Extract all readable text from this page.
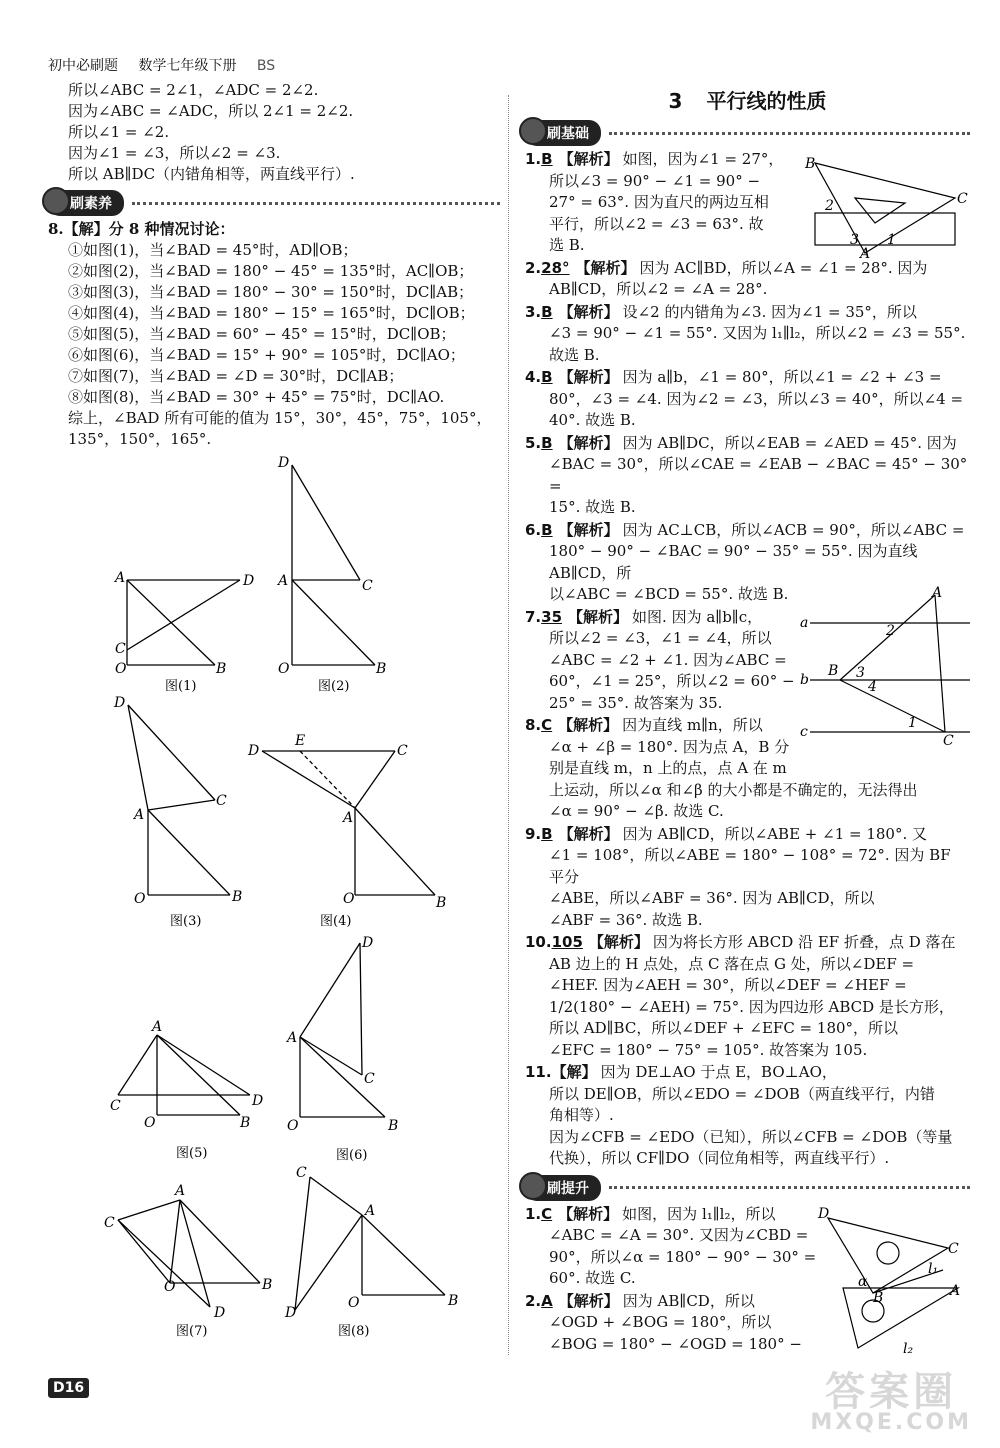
初中必刷题 数学七年级下册 BS
所以∠ABC = 2∠1，∠ADC = 2∠2.
因为∠ABC = ∠ADC，所以 2∠1 = 2∠2.
所以∠1 = ∠2.
因为∠1 = ∠3，所以∠2 = ∠3.
所以 AB∥DC（内错角相等，两直线平行）.
刷素养
8.【解】分 8 种情况讨论：
①如图(1)，当∠BAD = 45°时，AD∥OB；
②如图(2)，当∠BAD = 180° − 45° = 135°时，AC∥OB；
③如图(3)，当∠BAD = 180° − 30° = 150°时，DC∥AB；
④如图(4)，当∠BAD = 180° − 15° = 165°时，DC∥OB；
⑤如图(5)，当∠BAD = 60° − 45° = 15°时，DC∥OB；
⑥如图(6)，当∠BAD = 15° + 90° = 105°时，DC∥AO；
⑦如图(7)，当∠BAD = ∠D = 30°时，DC∥AB；
⑧如图(8)，当∠BAD = 30° + 45° = 75°时，DC∥AO.
综上，∠BAD 所有可能的值为 15°，30°，45°，75°，105°，
135°，150°，165°.
A	D
C
O	B
图(1)
D
A	C
O	B
图(2)
D
C
A
O	B
图(3)
D
E
C
A
O	B
图(4)
A
C	D
O	B
图(5)
D
A
C
O	B
图(6)
A
C
O	B
D
图(7)
C
A
D
O	B
图(8)
3 平行线的性质
刷基础
1.B 【解析】 如图，因为∠1 = 27°，
所以∠3 = 90° − ∠1 = 90° −
27° = 63°. 因为直尺的两边互相
平行，所以∠2 = ∠3 = 63°. 故
选 B.
2.28° 【解析】 因为 AC∥BD，所以∠A = ∠1 = 28°. 因为
AB∥CD，所以∠2 = ∠A = 28°.
3.B 【解析】 设∠2 的内错角为∠3. 因为∠1 = 35°，所以
∠3 = 90° − ∠1 = 55°. 又因为 l₁∥l₂，所以∠2 = ∠3 = 55°.
故选 B.
4.B 【解析】 因为 a∥b，∠1 = 80°，所以∠1 = ∠2 + ∠3 =
80°，∠3 = ∠4. 因为∠2 = ∠3，所以∠3 = 40°，所以∠4 =
40°. 故选 B.
5.B 【解析】 因为 AB∥DC，所以∠EAB = ∠AED = 45°. 因为
∠BAC = 30°，所以∠CAE = ∠EAB − ∠BAC = 45° − 30° =
15°. 故选 B.
6.B 【解析】 因为 AC⊥CB，所以∠ACB = 90°，所以∠ABC =
180° − 90° − ∠BAC = 90° − 35° = 55°. 因为直线 AB∥CD，所
以∠ABC = ∠BCD = 55°. 故选 B.
7.35 【解析】 如图. 因为 a∥b∥c，
所以∠2 = ∠3，∠1 = ∠4，所以
∠ABC = ∠2 + ∠1. 因为∠ABC =
60°，∠1 = 25°，所以∠2 = 60° −
25° = 35°. 故答案为 35.
8.C 【解析】 因为直线 m∥n，所以
∠α + ∠β = 180°. 因为点 A，B 分
别是直线 m，n 上的点，点 A 在 m
上运动，所以∠α 和∠β 的大小都是不确定的，无法得出
∠α = 90° − ∠β. 故选 C.
9.B 【解析】 因为 AB∥CD，所以∠ABE + ∠1 = 180°. 又
∠1 = 108°，所以∠ABE = 180° − 108° = 72°. 因为 BF 平分
∠ABE，所以∠ABF = 36°. 因为 AB∥CD，所以
∠ABF = 36°. 故选 B.
10.105 【解析】 因为将长方形 ABCD 沿 EF 折叠，点 D 落在
AB 边上的 H 点处，点 C 落在点 G 处，所以∠DEF =
∠HEF. 因为∠AEH = 30°，所以∠DEF = ∠HEF =
1/2(180° − ∠AEH) = 75°. 因为四边形 ABCD 是长方形，
所以 AD∥BC，所以∠DEF + ∠EFC = 180°，所以
∠EFC = 180° − 75° = 105°. 故答案为 105.
11.【解】 因为 DE⊥AO 于点 E，BO⊥AO，
所以 DE∥OB，所以∠EDO = ∠DOB（两直线平行，内错
角相等）.
因为∠CFB = ∠EDO（已知），所以∠CFB = ∠DOB（等量
代换），所以 CF∥DO（同位角相等，两直线平行）.
刷提升
1.C 【解析】 如图，因为 l₁∥l₂，所以
∠ABC = ∠A = 30°. 又因为∠CBD =
90°，所以∠α = 180° − 90° − 30° =
60°. 故选 C.
2.A 【解析】 因为 AB∥CD，所以
∠OGD + ∠BOG = 180°，所以
∠BOG = 180° − ∠OGD = 180° −
B
C
2
3 1
A
a
b
c
A
B
C
2
3
4
1
D
C
l₁
α
B	A
l₂
D16	答案圈
MXQE.COM
